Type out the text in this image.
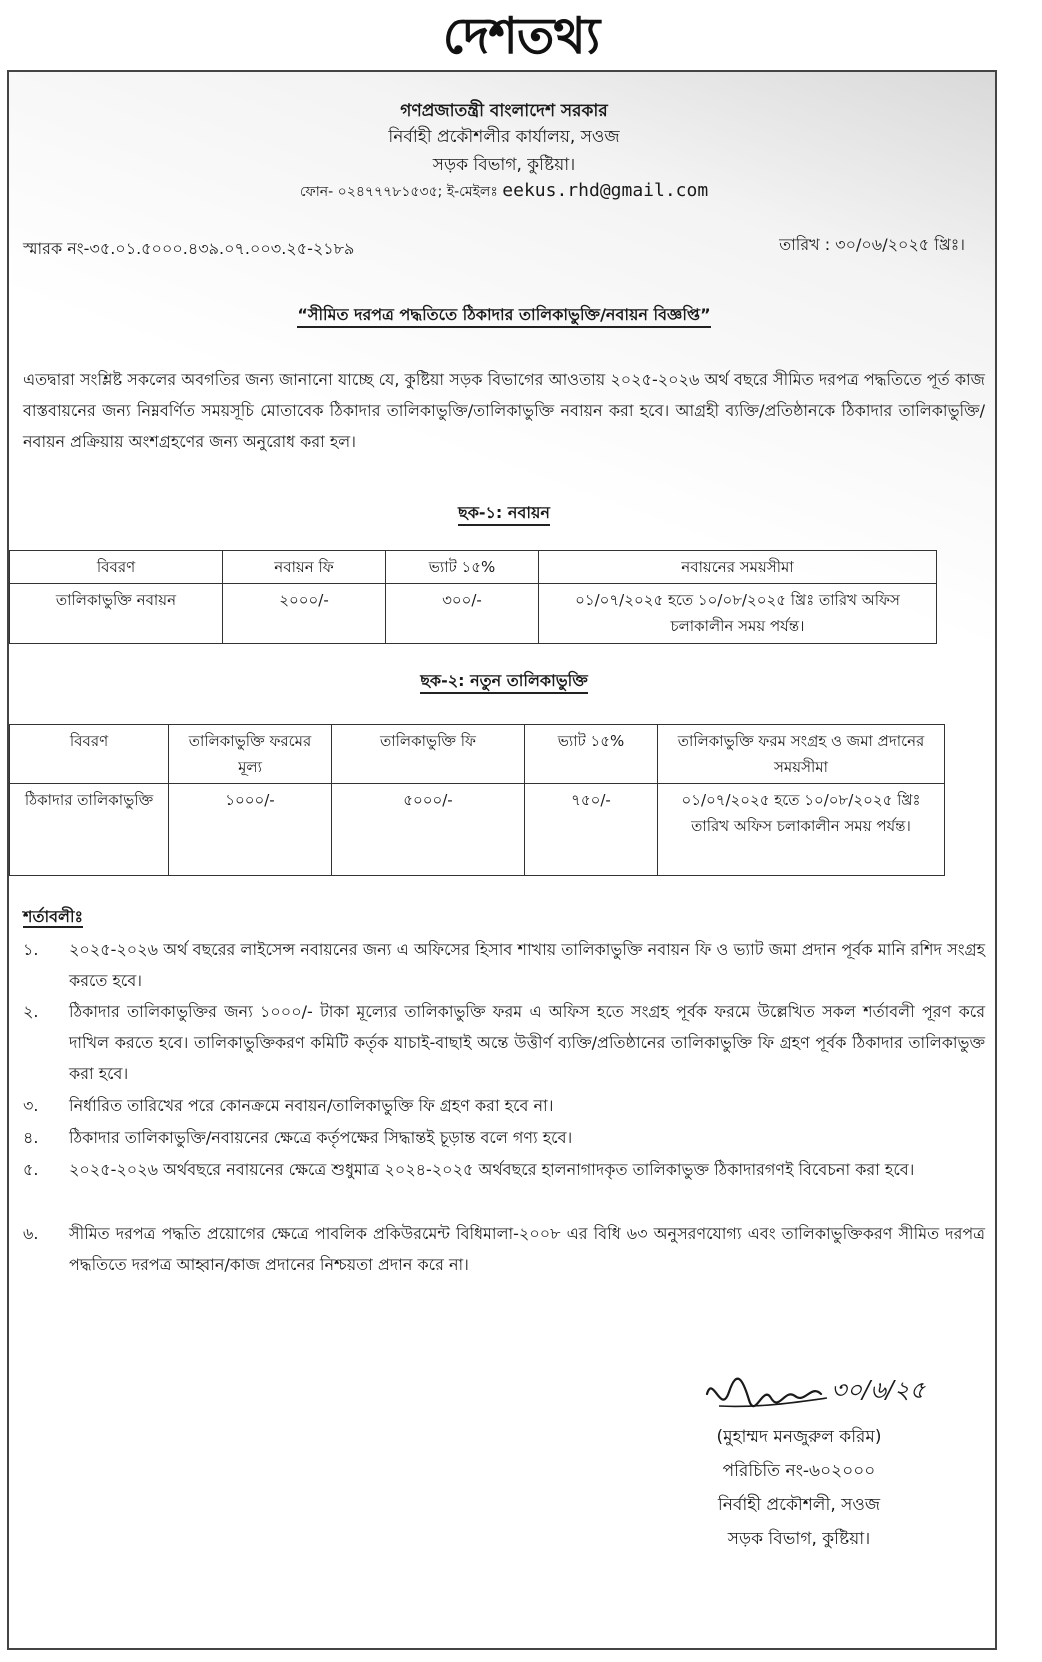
দেশতথ্য
গণপ্রজাতন্ত্রী বাংলাদেশ সরকার
নির্বাহী প্রকৌশলীর কার্যালয়, সওজ
সড়ক বিভাগ, কুষ্টিয়া।
ফোন- ০২৪৭৭৭৮১৫৩৫; ই-মেইলঃ eekus.rhd@gmail.com
স্মারক নং-৩৫.০১.৫০০০.৪৩৯.০৭.০০৩.২৫-২১৮৯	তারিখ : ৩০/০৬/২০২৫ খ্রিঃ।
“সীমিত দরপত্র পদ্ধতিতে ঠিকাদার তালিকাভুক্তি/নবায়ন বিজ্ঞপ্তি”
এতদ্বারা সংশ্লিষ্ট সকলের অবগতির জন্য জানানো যাচ্ছে যে, কুষ্টিয়া সড়ক বিভাগের আওতায় ২০২৫-২০২৬ অর্থ বছরে সীমিত দরপত্র পদ্ধতিতে পূর্ত কাজ বাস্তবায়নের জন্য নিম্নবর্ণিত সময়সূচি মোতাবেক ঠিকাদার তালিকাভুক্তি/তালিকাভুক্তি নবায়ন করা হবে। আগ্রহী ব্যক্তি/প্রতিষ্ঠানকে ঠিকাদার তালিকাভুক্তি/নবায়ন প্রক্রিয়ায় অংশগ্রহণের জন্য অনুরোধ করা হল।
ছক-১: নবায়ন
বিবরণ	নবায়ন ফি	ভ্যাট ১৫%	নবায়নের সময়সীমা
তালিকাভুক্তি নবায়ন	২০০০/-	৩০০/-	০১/০৭/২০২৫ হতে ১০/০৮/২০২৫ খ্রিঃ তারিখ অফিস চলাকালীন সময় পর্যন্ত।
ছক-২: নতুন তালিকাভুক্তি
বিবরণ	তালিকাভুক্তি ফরমের মূল্য	তালিকাভুক্তি ফি	ভ্যাট ১৫%	তালিকাভুক্তি ফরম সংগ্রহ ও জমা প্রদানের সময়সীমা
ঠিকাদার তালিকাভুক্তি	১০০০/-	৫০০০/-	৭৫০/-	০১/০৭/২০২৫ হতে ১০/০৮/২০২৫ খ্রিঃ তারিখ অফিস চলাকালীন সময় পর্যন্ত।
শর্তাবলীঃ
১.	২০২৫-২০২৬ অর্থ বছরের লাইসেন্স নবায়নের জন্য এ অফিসের হিসাব শাখায় তালিকাভুক্তি নবায়ন ফি ও ভ্যাট জমা প্রদান পূর্বক মানি রশিদ সংগ্রহ করতে হবে।
২.	ঠিকাদার তালিকাভুক্তির জন্য ১০০০/- টাকা মূল্যের তালিকাভুক্তি ফরম এ অফিস হতে সংগ্রহ পূর্বক ফরমে উল্লেখিত সকল শর্তাবলী পূরণ করে দাখিল করতে হবে। তালিকাভুক্তিকরণ কমিটি কর্তৃক যাচাই-বাছাই অন্তে উত্তীর্ণ ব্যক্তি/প্রতিষ্ঠানের তালিকাভুক্তি ফি গ্রহণ পূর্বক ঠিকাদার তালিকাভুক্ত করা হবে।
৩.	নির্ধারিত তারিখের পরে কোনক্রমে নবায়ন/তালিকাভুক্তি ফি গ্রহণ করা হবে না।
৪.	ঠিকাদার তালিকাভুক্তি/নবায়নের ক্ষেত্রে কর্তৃপক্ষের সিদ্ধান্তই চূড়ান্ত বলে গণ্য হবে।
৫.	২০২৫-২০২৬ অর্থবছরে নবায়নের ক্ষেত্রে শুধুমাত্র ২০২৪-২০২৫ অর্থবছরে হালনাগাদকৃত তালিকাভুক্ত ঠিকাদারগণই বিবেচনা করা হবে।
৬.	সীমিত দরপত্র পদ্ধতি প্রয়োগের ক্ষেত্রে পাবলিক প্রকিউরমেন্ট বিধিমালা-২০০৮ এর বিধি ৬৩ অনুসরণযোগ্য এবং তালিকাভুক্তিকরণ সীমিত দরপত্র পদ্ধতিতে দরপত্র আহ্বান/কাজ প্রদানের নিশ্চয়তা প্রদান করে না।
৩০/৬/২৫
(মুহাম্মদ মনজুরুল করিম)
পরিচিতি নং-৬০২০০০
নির্বাহী প্রকৌশলী, সওজ
সড়ক বিভাগ, কুষ্টিয়া।
